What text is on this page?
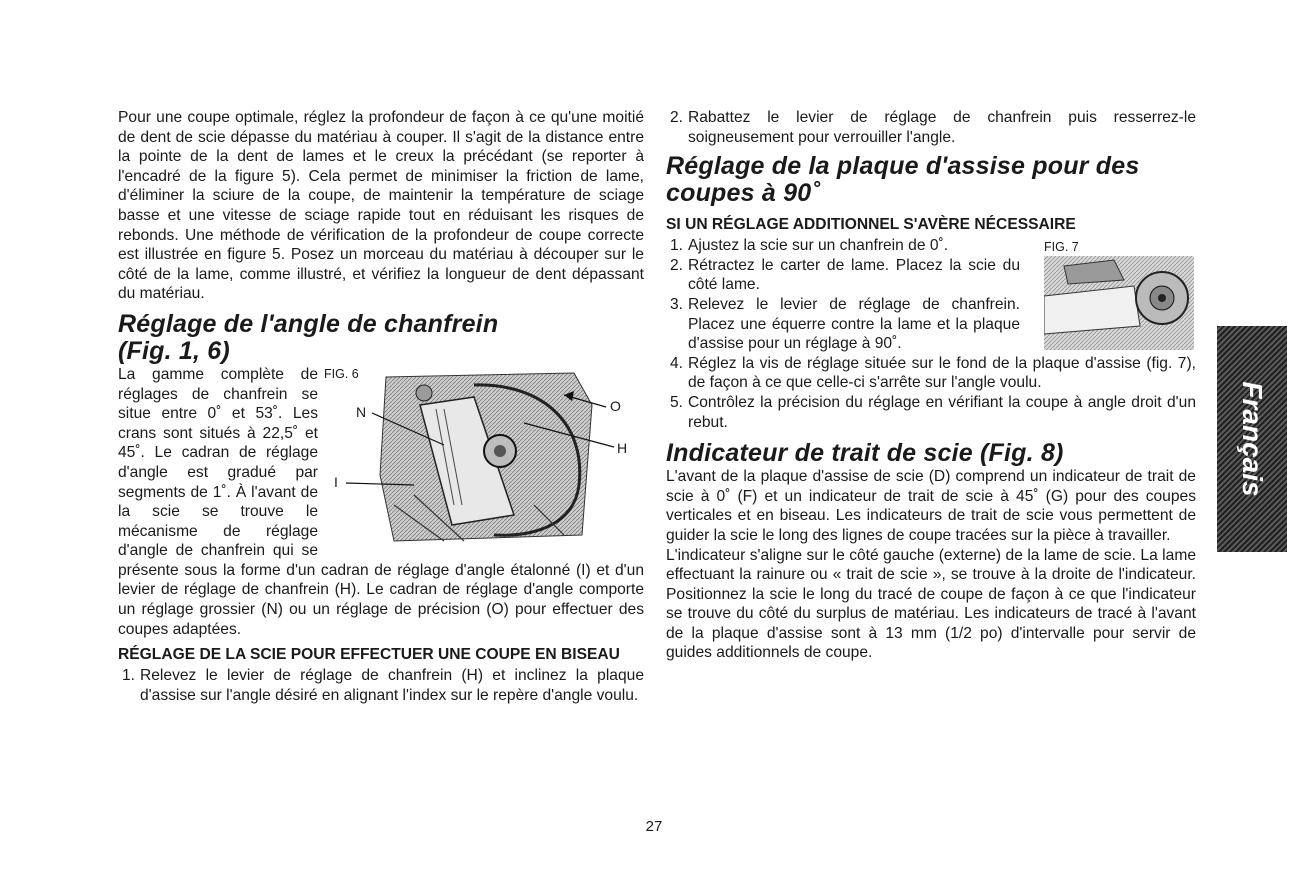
Pour une coupe optimale, réglez la profondeur de façon à ce qu'une moitié de dent de scie dépasse du matériau à couper. Il s'agit de la distance entre la pointe de la dent de lames et le creux la précédant (se reporter à l'encadré de la figure 5). Cela permet de minimiser la friction de lame, d'éliminer la sciure de la coupe, de maintenir la température de sciage basse et une vitesse de sciage rapide tout en réduisant les risques de rebonds. Une méthode de vérification de la profondeur de coupe correcte est illustrée en figure 5. Posez un morceau du matériau à découper sur le côté de la lame, comme illustré, et vérifiez la longueur de dent dépassant du matériau.

Réglage de l'angle de chanfrein
(Fig. 1, 6)
FIG. 6
N	O
H
I

La gamme complète de réglages de chanfrein se situe entre 0˚ et 53˚. Les crans sont situés à 22,5˚ et 45˚. Le cadran de réglage d'angle est gradué par segments de 1˚. À l'avant de la scie se trouve le mécanisme de réglage d'angle de chanfrein qui se présente sous la forme d'un cadran de réglage d'angle étalonné (I) et d'un levier de réglage de chanfrein (H). Le cadran de réglage d'angle comporte un réglage grossier (N) ou un réglage de précision (O) pour effectuer des coupes adaptées.

RÉGLAGE DE LA SCIE POUR EFFECTUER UNE COUPE EN BISEAU
1. Relevez le levier de réglage de chanfrein (H) et inclinez la plaque d'assise sur l'angle désiré en alignant l'index sur le repère d'angle voulu.
2. Rabattez le levier de réglage de chanfrein puis resserrez-le soigneusement pour verrouiller l'angle.
Réglage de la plaque d'assise pour des coupes à 90˚
SI UN RÉGLAGE ADDITIONNEL S'AVÈRE NÉCESSAIRE
FIG. 7
1. Ajustez la scie sur un chanfrein de 0˚.
2. Rétractez le carter de lame. Placez la scie du côté lame.
3. Relevez le levier de réglage de chanfrein. Placez une équerre contre la lame et la plaque d'assise pour un réglage à 90˚.
4. Réglez la vis de réglage située sur le fond de la plaque d'assise (fig. 7), de façon à ce que celle-ci s'arrête sur l'angle voulu.
5. Contrôlez la précision du réglage en vérifiant la coupe à angle droit d'un rebut.
Indicateur de trait de scie (Fig. 8)

L'avant de la plaque d'assise de scie (D) comprend un indicateur de trait de scie à 0˚ (F) et un indicateur de trait de scie à 45˚ (G) pour des coupes verticales et en biseau. Les indicateurs de trait de scie vous permettent de guider la scie le long des lignes de coupe tracées sur la pièce à travailler.

L'indicateur s'aligne sur le côté gauche (externe) de la lame de scie. La lame effectuant la rainure ou « trait de scie », se trouve à la droite de l'indicateur. Positionnez la scie le long du tracé de coupe de façon à ce que l'indicateur se trouve du côté du surplus de matériau. Les indicateurs de tracé à l'avant de la plaque d'assise sont à 13 mm (1/2 po) d'intervalle pour servir de guides additionnels de coupe.

Français
27
